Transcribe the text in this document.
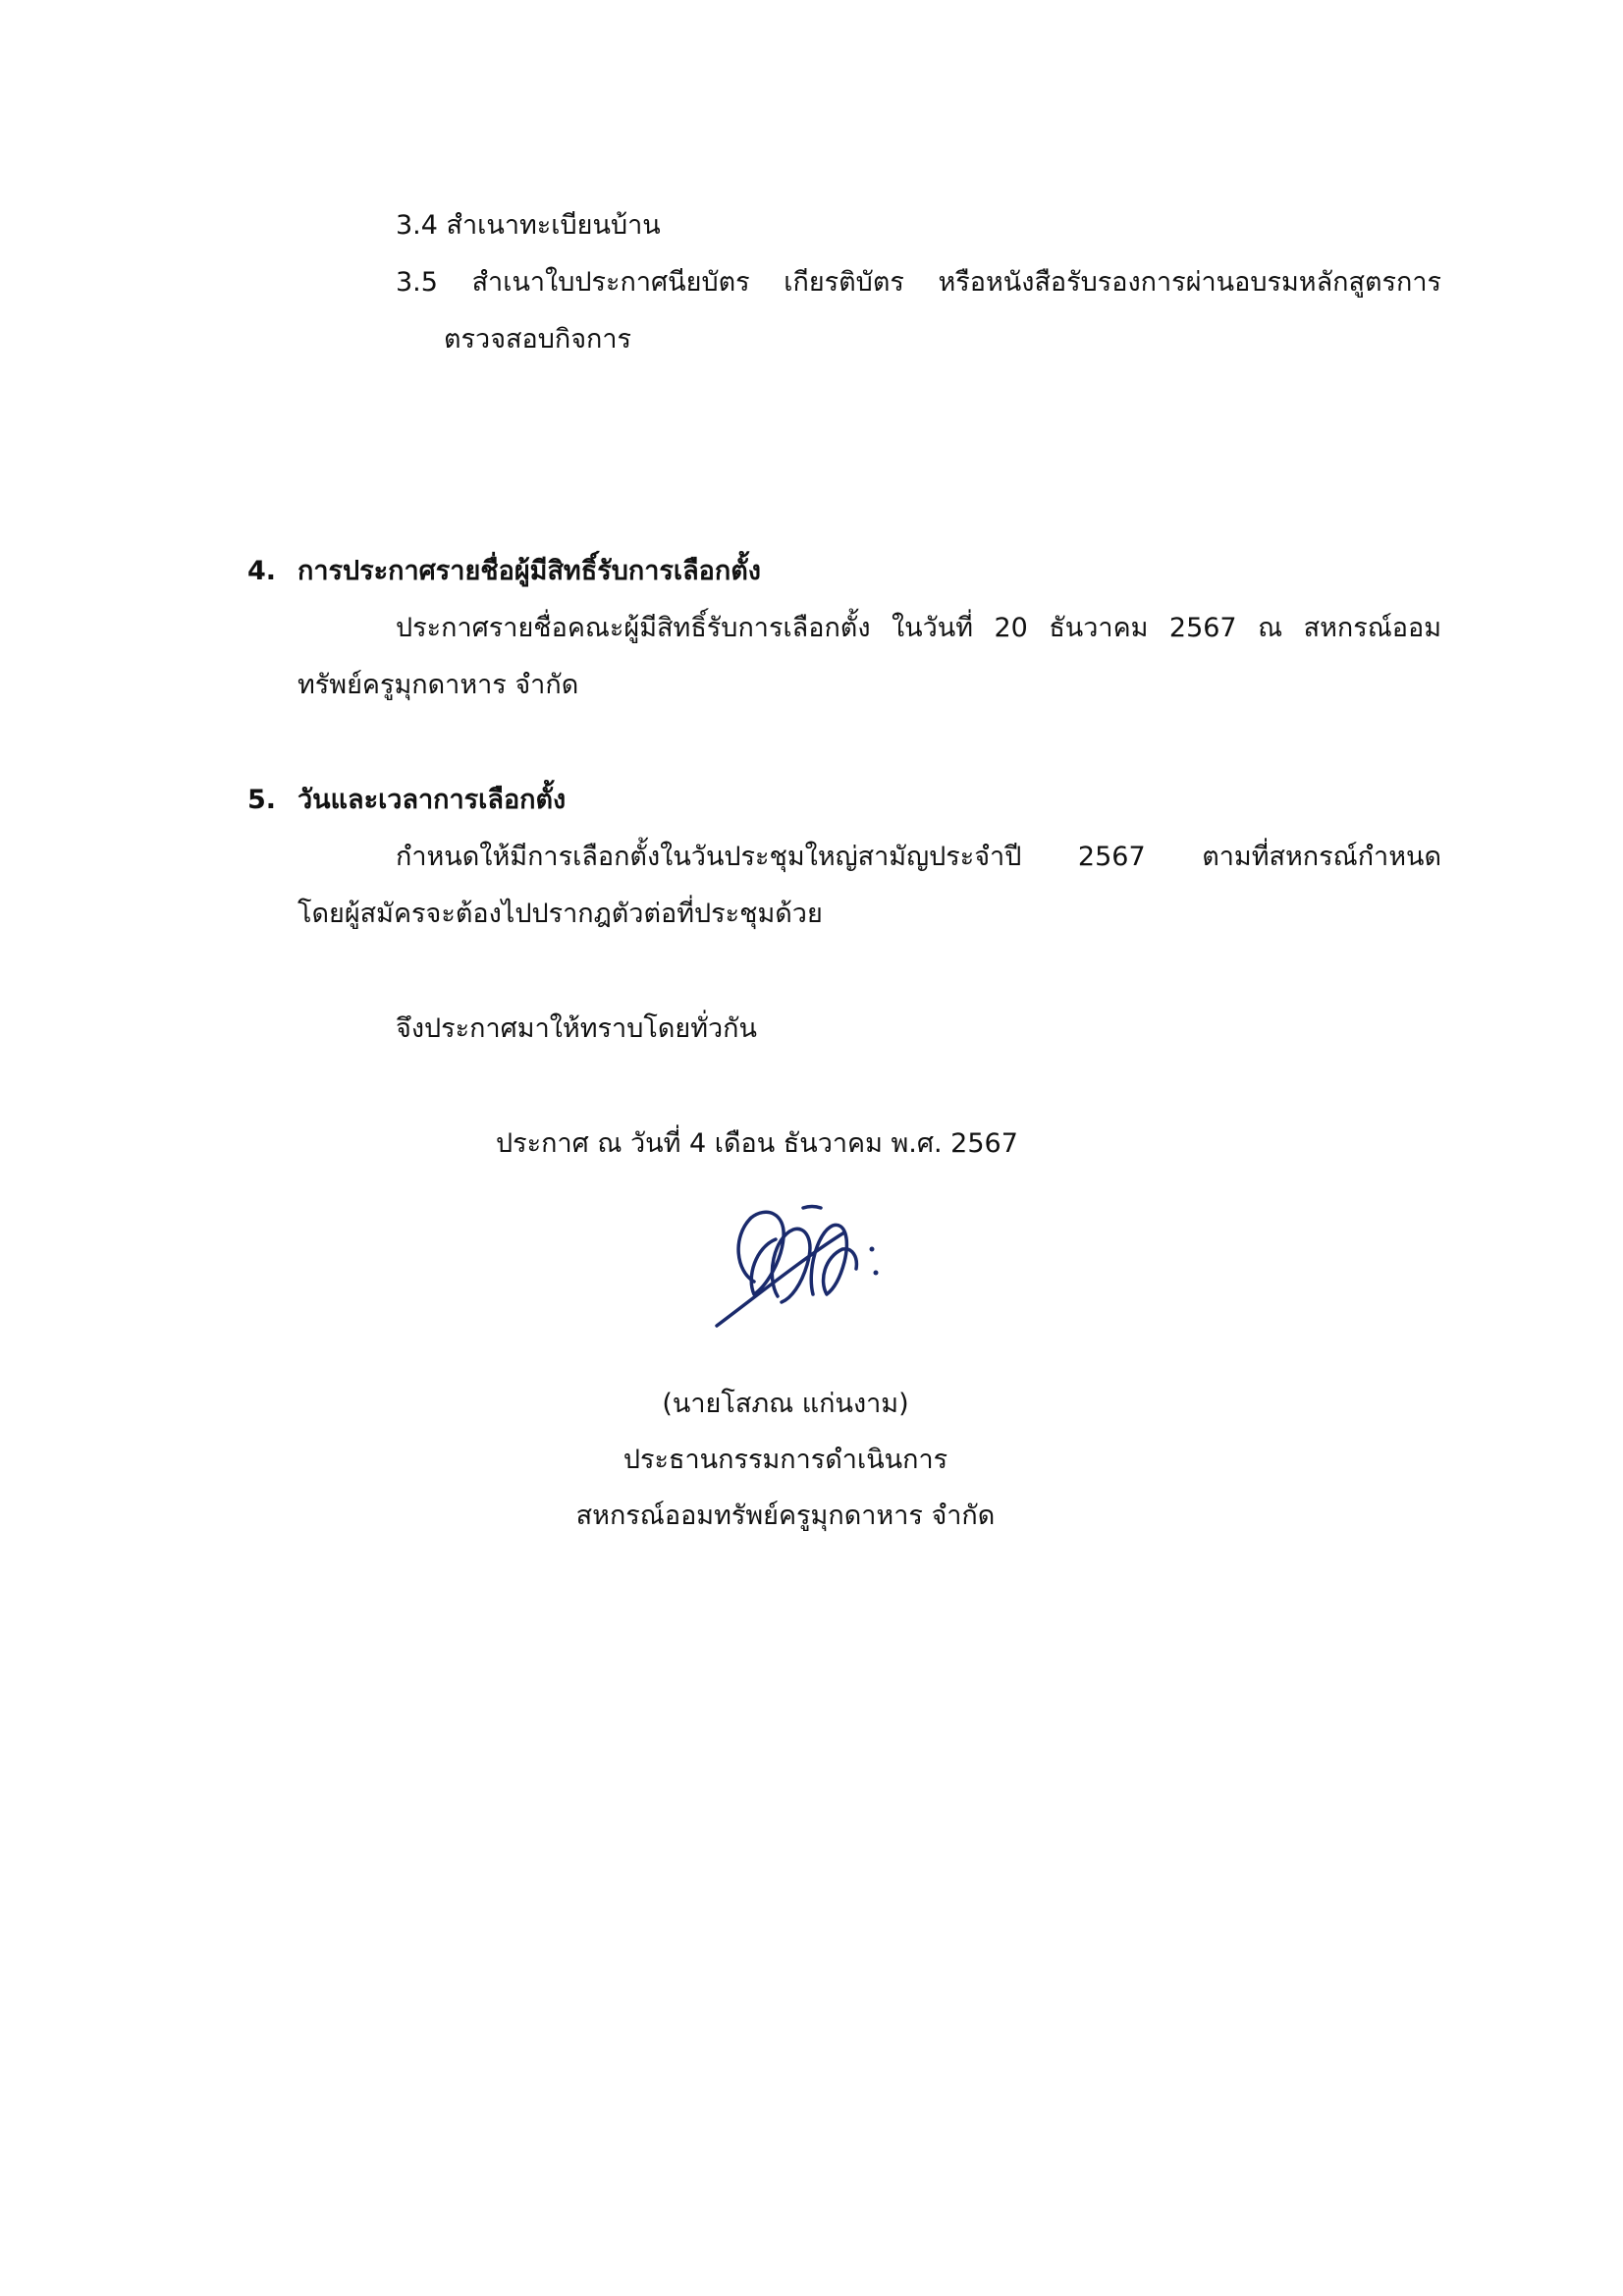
3.4 สำเนาทะเบียนบ้าน

3.5 สำเนาใบประกาศนียบัตร เกียรติบัตร หรือหนังสือรับรองการผ่านอบรมหลักสูตรการ

ตรวจสอบกิจการ

4. การประกาศรายชื่อผู้มีสิทธิ์รับการเลือกตั้ง

ประกาศรายชื่อคณะผู้มีสิทธิ์รับการเลือกตั้ง ในวันที่ 20 ธันวาคม 2567 ณ สหกรณ์ออม

ทรัพย์ครูมุกดาหาร จำกัด

5. วันและเวลาการเลือกตั้ง

กำหนดให้มีการเลือกตั้งในวันประชุมใหญ่สามัญประจำปี 2567 ตามที่สหกรณ์กำหนด

โดยผู้สมัครจะต้องไปปรากฎตัวต่อที่ประชุมด้วย

จึงประกาศมาให้ทราบโดยทั่วกัน

ประกาศ ณ วันที่ 4 เดือน ธันวาคม พ.ศ. 2567

(นายโสภณ แก่นงาม)

ประธานกรรมการดำเนินการ

สหกรณ์ออมทรัพย์ครูมุกดาหาร จำกัด
